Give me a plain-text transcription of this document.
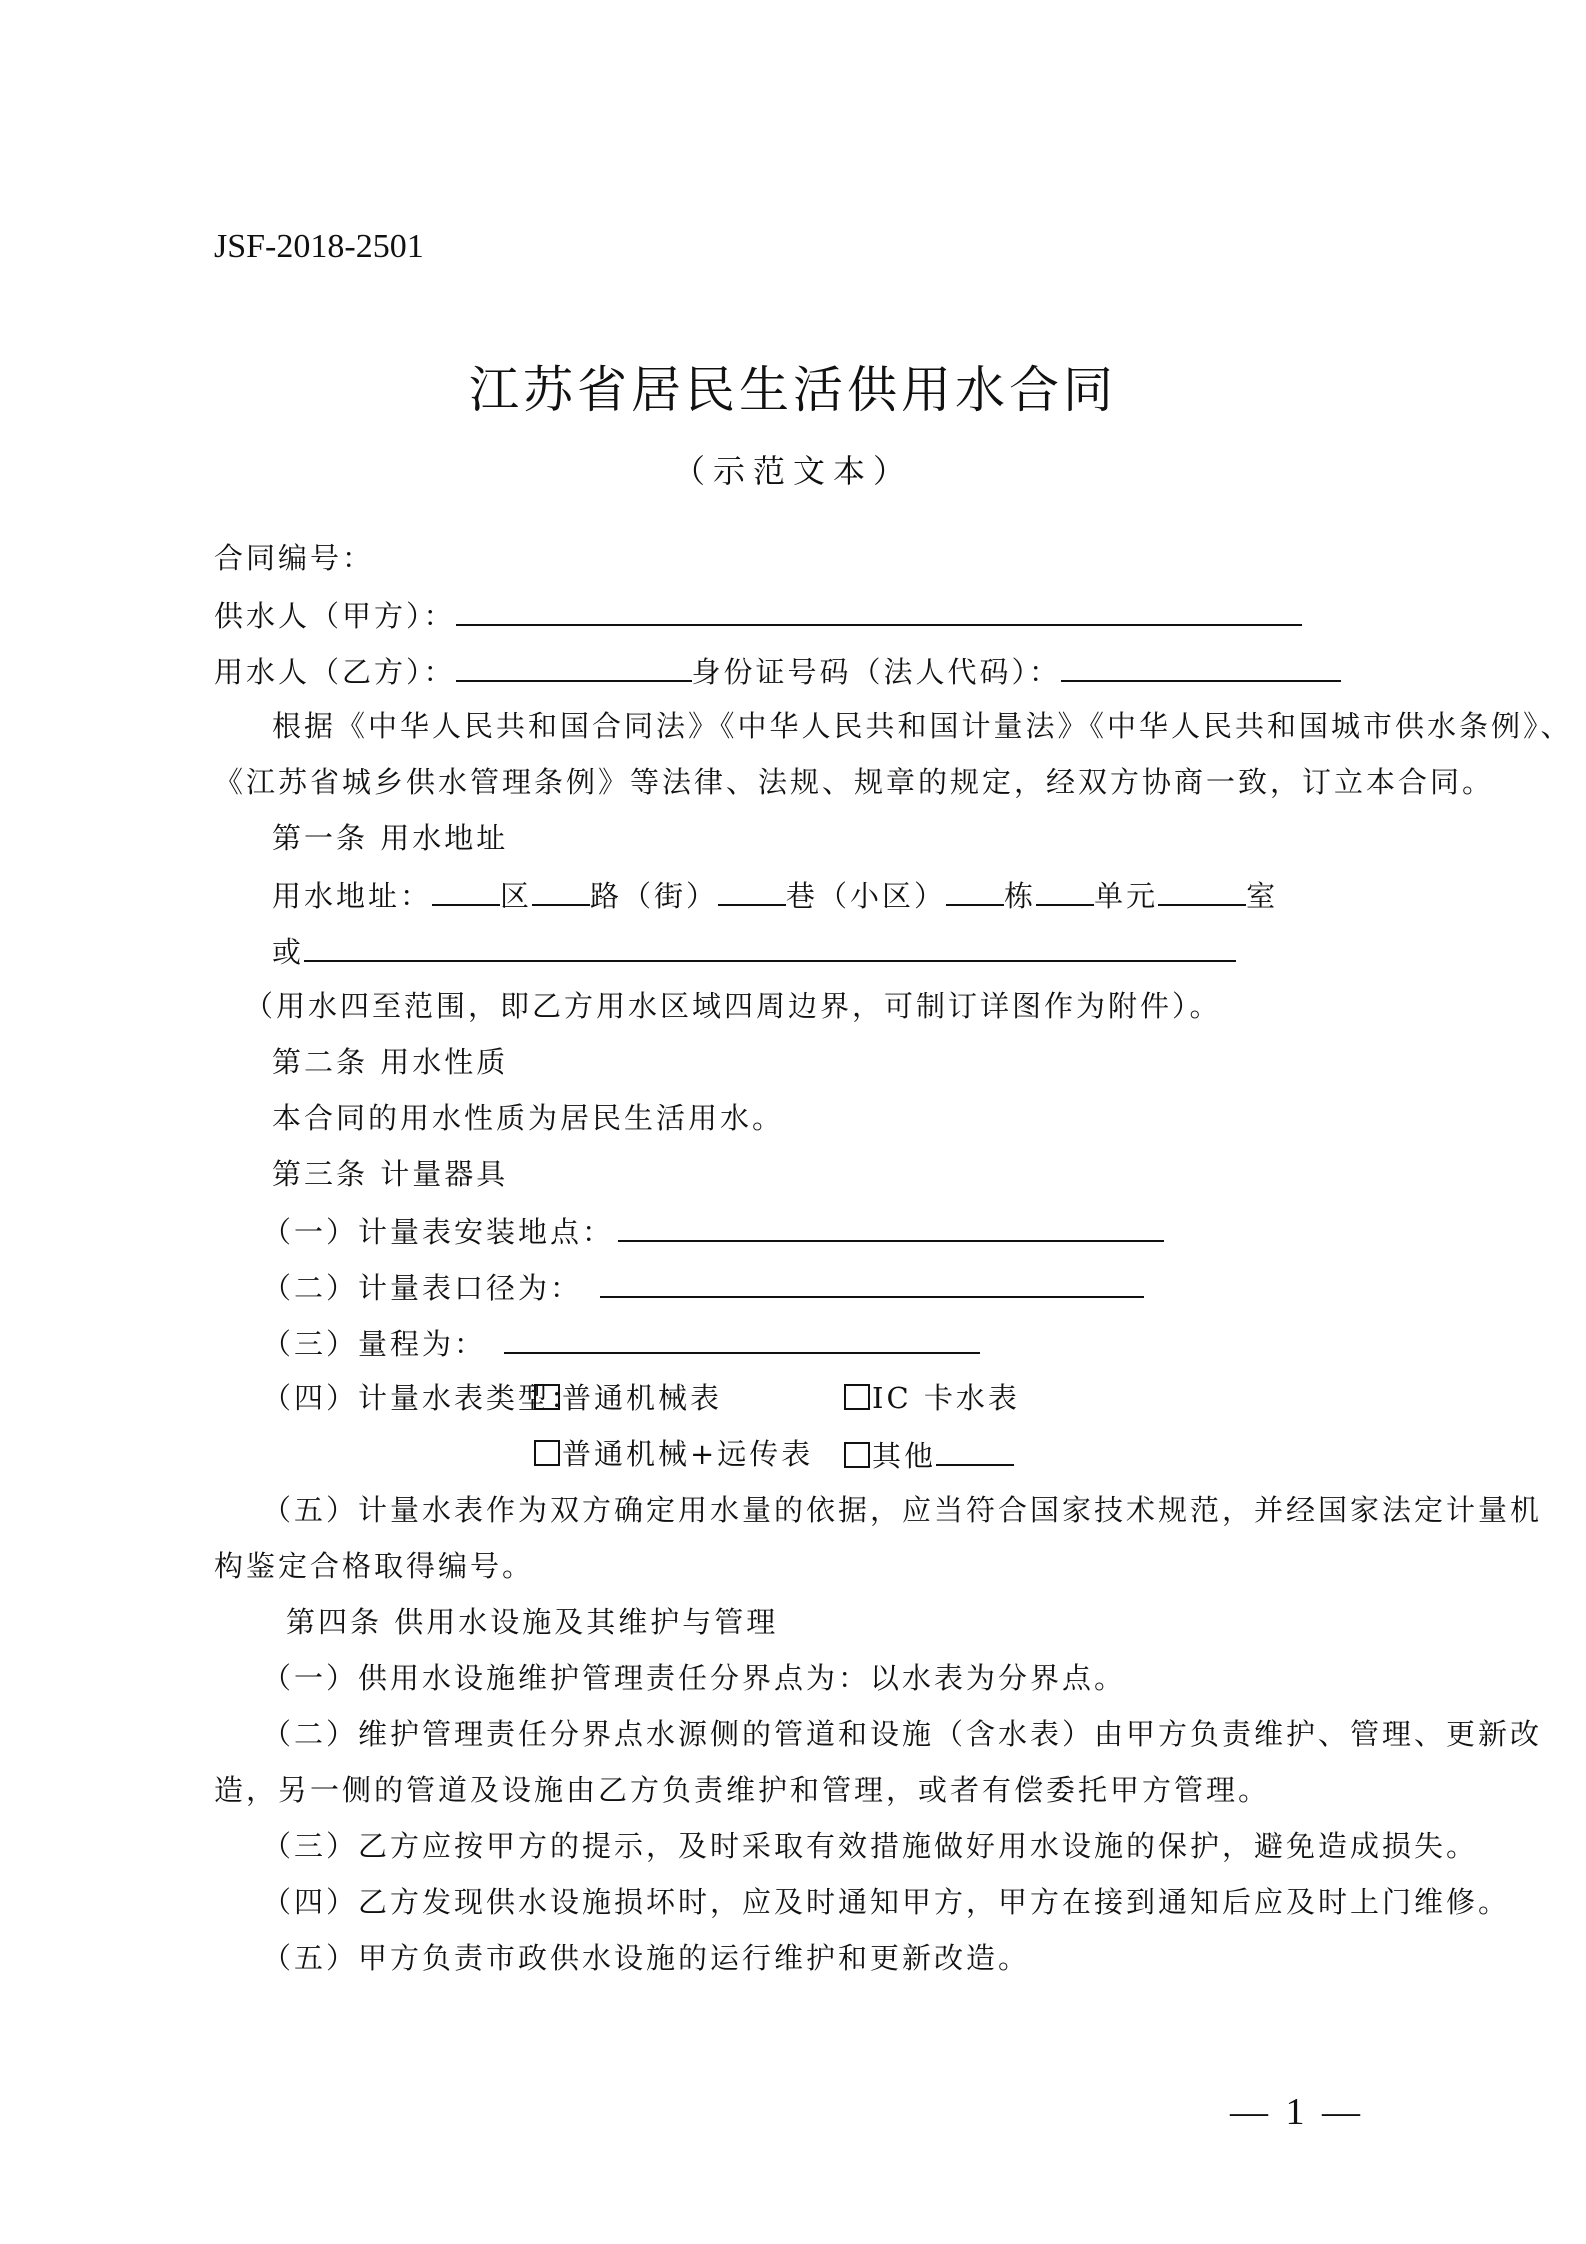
JSF-2018-2501
江苏省居民生活供用水合同
（示范文本）
合同编号：
供水人（甲方）：
用水人（乙方）：	身份证号码（法人代码）：
根据《中华人民共和国合同法》《中华人民共和国计量法》《中华人民共和国城市供水条例》、
《江苏省城乡供水管理条例》等法律、法规、规章的规定，经双方协商一致，订立本合同。
第一条 用水地址
用水地址： 区 路（街） 巷（小区） 栋 单元	室
或
（用水四至范围，即乙方用水区域四周边界，可制订详图作为附件）。
第二条 用水性质
本合同的用水性质为居民生活用水。
第三条 计量器具
（一）计量表安装地点：
（二）计量表口径为：
（三）量程为：
（四）计量水表类型：
普通机械表	IC 卡水表
普通机械+远传表	其他
（五）计量水表作为双方确定用水量的依据，应当符合国家技术规范，并经国家法定计量机
构鉴定合格取得编号。
第四条 供用水设施及其维护与管理
（一）供用水设施维护管理责任分界点为：以水表为分界点。
（二）维护管理责任分界点水源侧的管道和设施（含水表）由甲方负责维护、管理、更新改
造，另一侧的管道及设施由乙方负责维护和管理，或者有偿委托甲方管理。
（三）乙方应按甲方的提示，及时采取有效措施做好用水设施的保护，避免造成损失。
（四）乙方发现供水设施损坏时，应及时通知甲方，甲方在接到通知后应及时上门维修。
（五）甲方负责市政供水设施的运行维护和更新改造。
— 1 —
